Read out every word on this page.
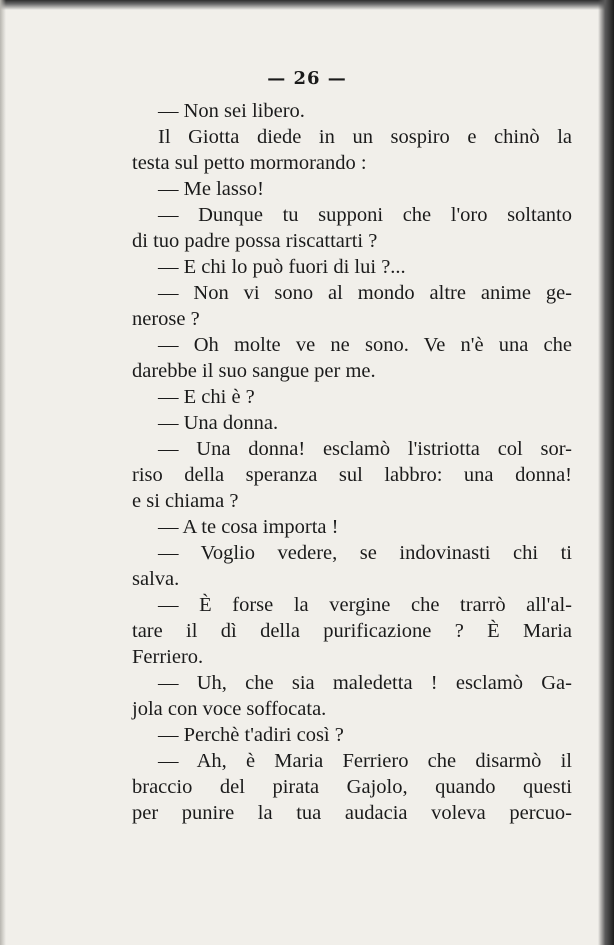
— 26 —
— Non sei libero.
Il Giotta diede in un sospiro e chinò la
testa sul petto mormorando :
— Me lasso!
— Dunque tu supponi che l'oro soltanto
di tuo padre possa riscattarti ?
— E chi lo può fuori di lui ?...
— Non vi sono al mondo altre anime ge-
nerose ?
— Oh molte ve ne sono. Ve n'è una che
darebbe il suo sangue per me.
— E chi è ?
— Una donna.
— Una donna! esclamò l'istriotta col sor-
riso della speranza sul labbro: una donna!
e si chiama ?
— A te cosa importa !
— Voglio vedere, se indovinasti chi ti
salva.
— È forse la vergine che trarrò all'al-
tare il dì della purificazione ? È Maria
Ferriero.
— Uh, che sia maledetta ! esclamò Ga-
jola con voce soffocata.
— Perchè t'adiri così ?
— Ah, è Maria Ferriero che disarmò il
braccio del pirata Gajolo, quando questi
per punire la tua audacia voleva percuo-
